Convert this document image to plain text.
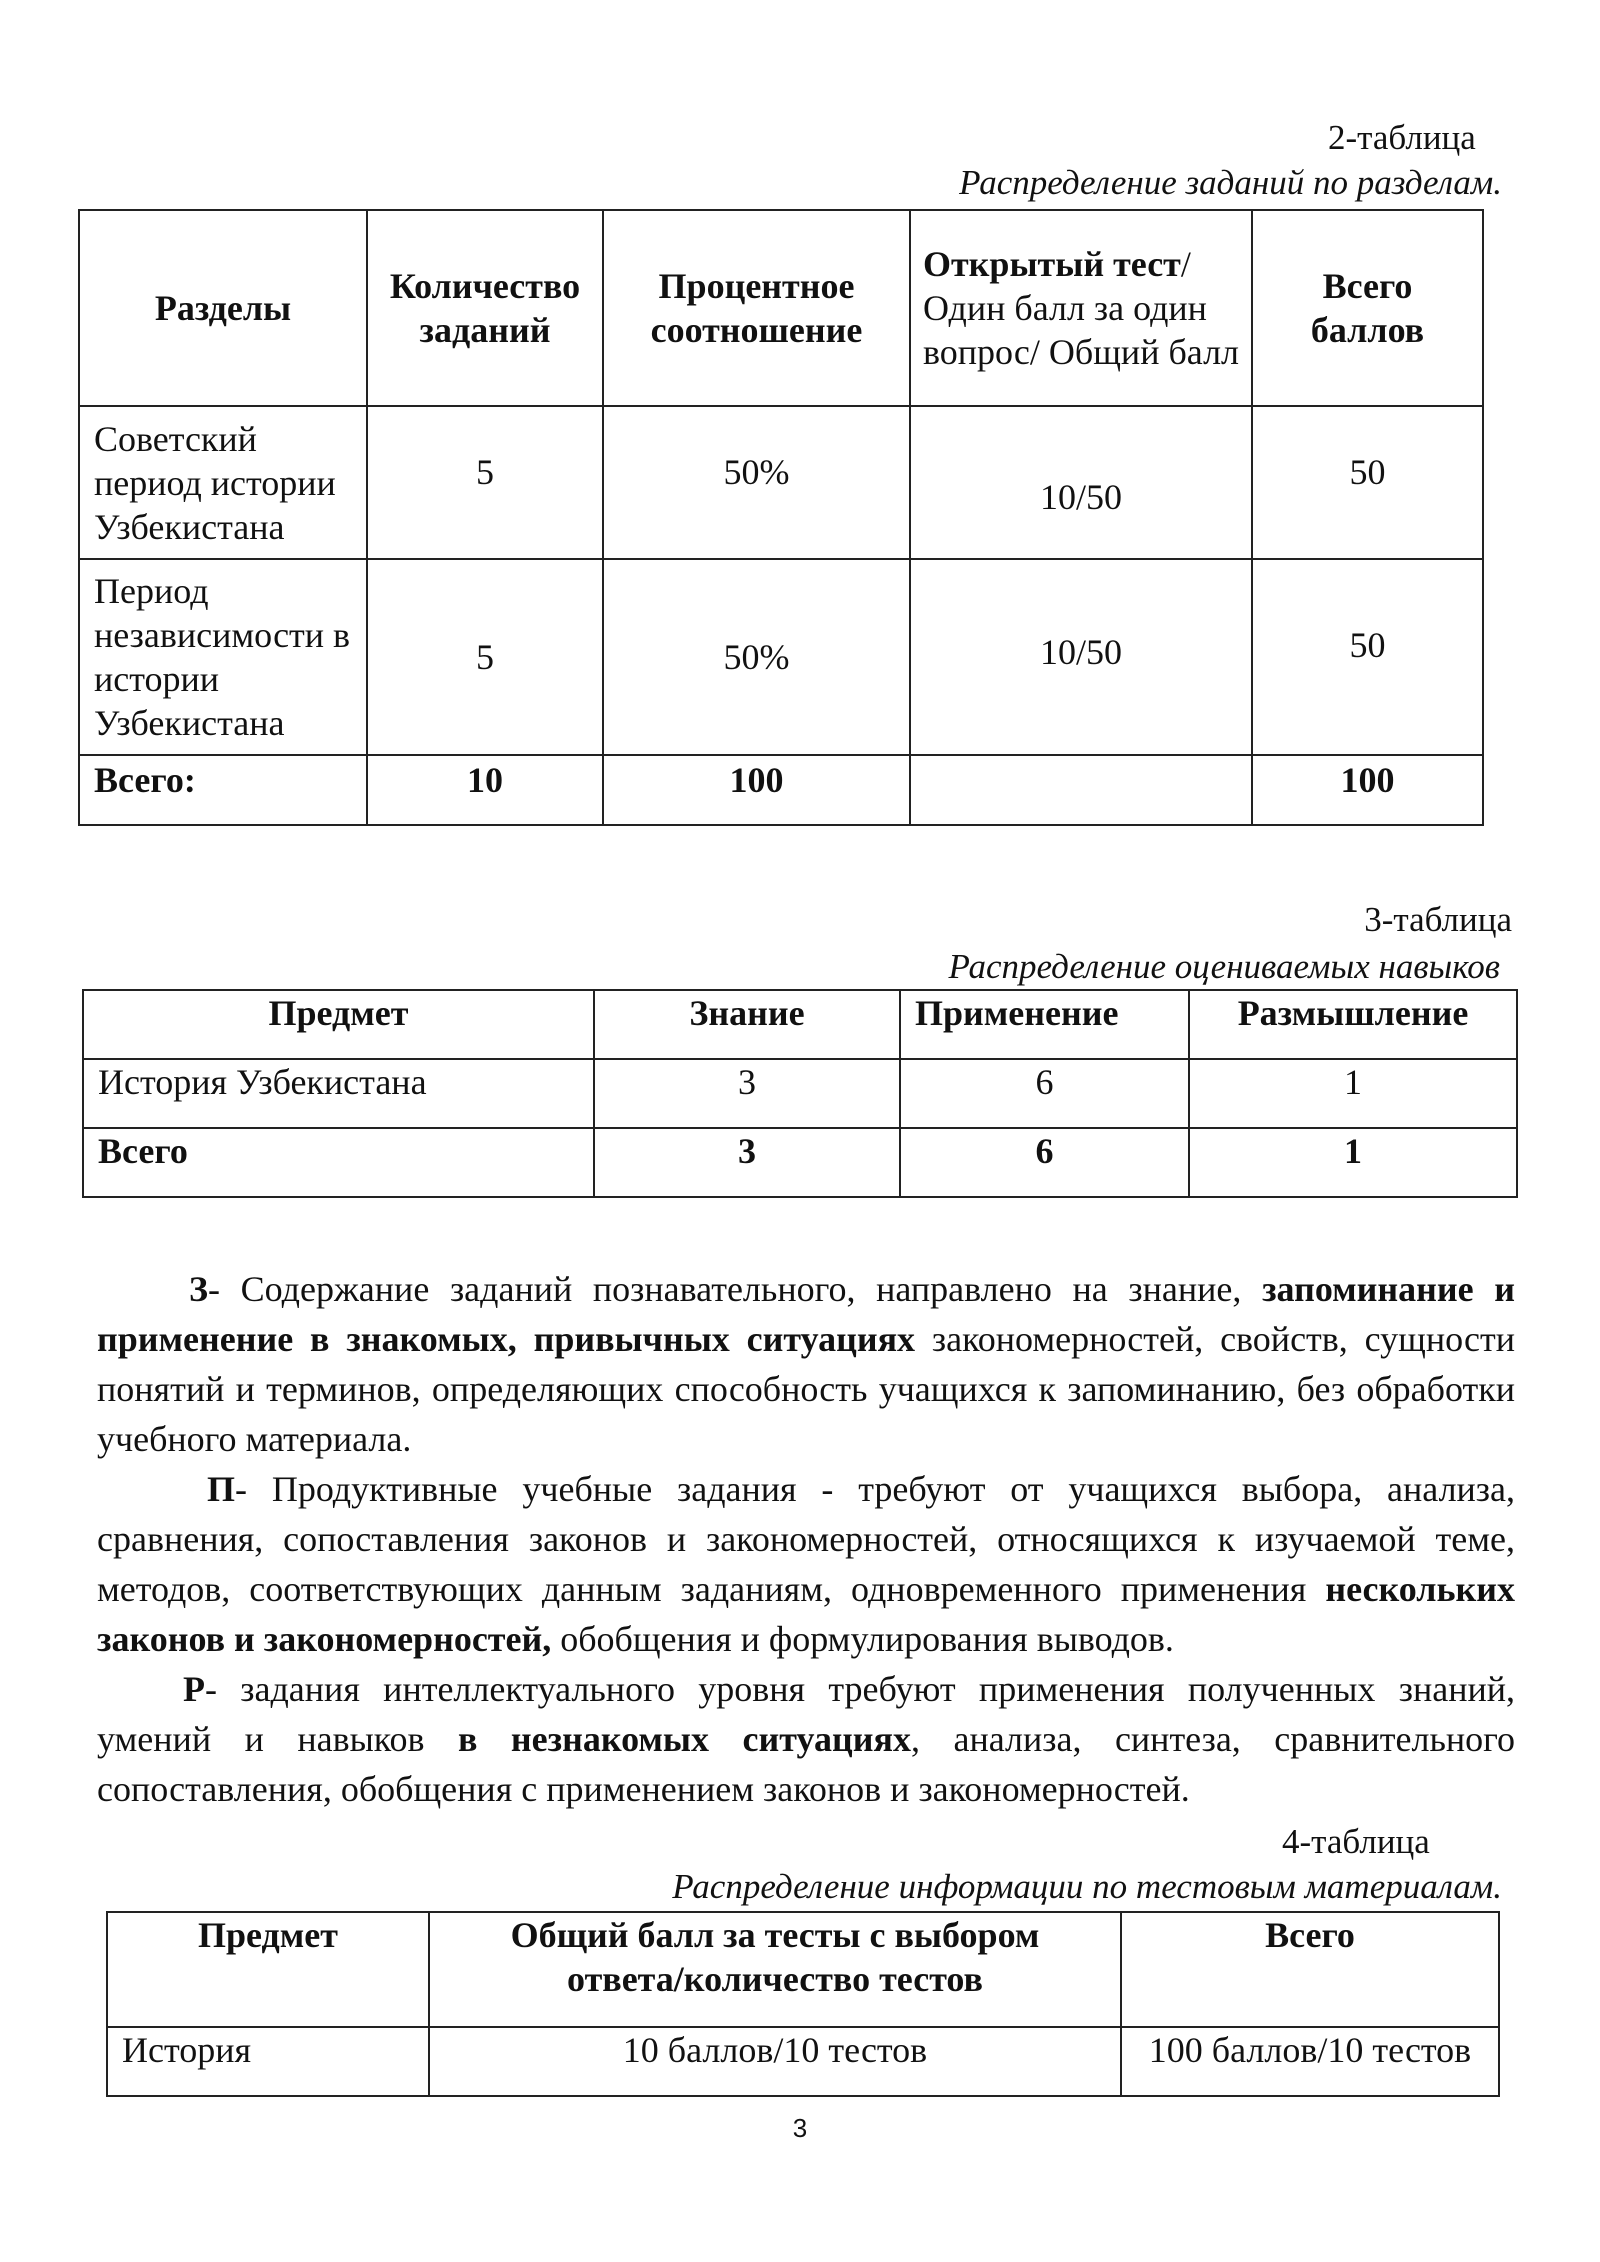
2-таблица
Распределение заданий по разделам.
Разделы	Количество заданий	Процентное соотношение	Открытый тест/Один балл за один вопрос/ Общий балл	Всего баллов
Советский период истории Узбекистана	5	50%	10/50	50
Период независимости в истории Узбекистана	5	50%	10/50	50
Всего:	10	100		100
3-таблица
Распределение оцениваемых навыков
Предмет	Знание	Применение	Размышление
История Узбекистана	3	6	1
Всего	3	6	1

З- Содержание заданий познавательного, направлено на знание, запоминание и применение в знакомых, привычных ситуациях закономерностей, свойств, сущности понятий и терминов, определяющих способность учащихся к запоминанию, без обработки учебного материала.

П- Продуктивные учебные задания - требуют от учащихся выбора, анализа, сравнения, сопоставления законов и закономерностей, относящихся к изучаемой теме, методов, соответствующих данным заданиям, одновременного применения нескольких законов и закономерностей, обобщения и формулирования выводов.

Р- задания интеллектуального уровня требуют применения полученных знаний, умений и навыков в незнакомых ситуациях, анализа, синтеза, сравнительного сопоставления, обобщения с применением законов и закономерностей.

4-таблица
Распределение информации по тестовым материалам.
Предмет	Общий балл за тесты с выбором ответа/количество тестов	Всего
История	10 баллов/10 тестов	100 баллов/10 тестов
3
